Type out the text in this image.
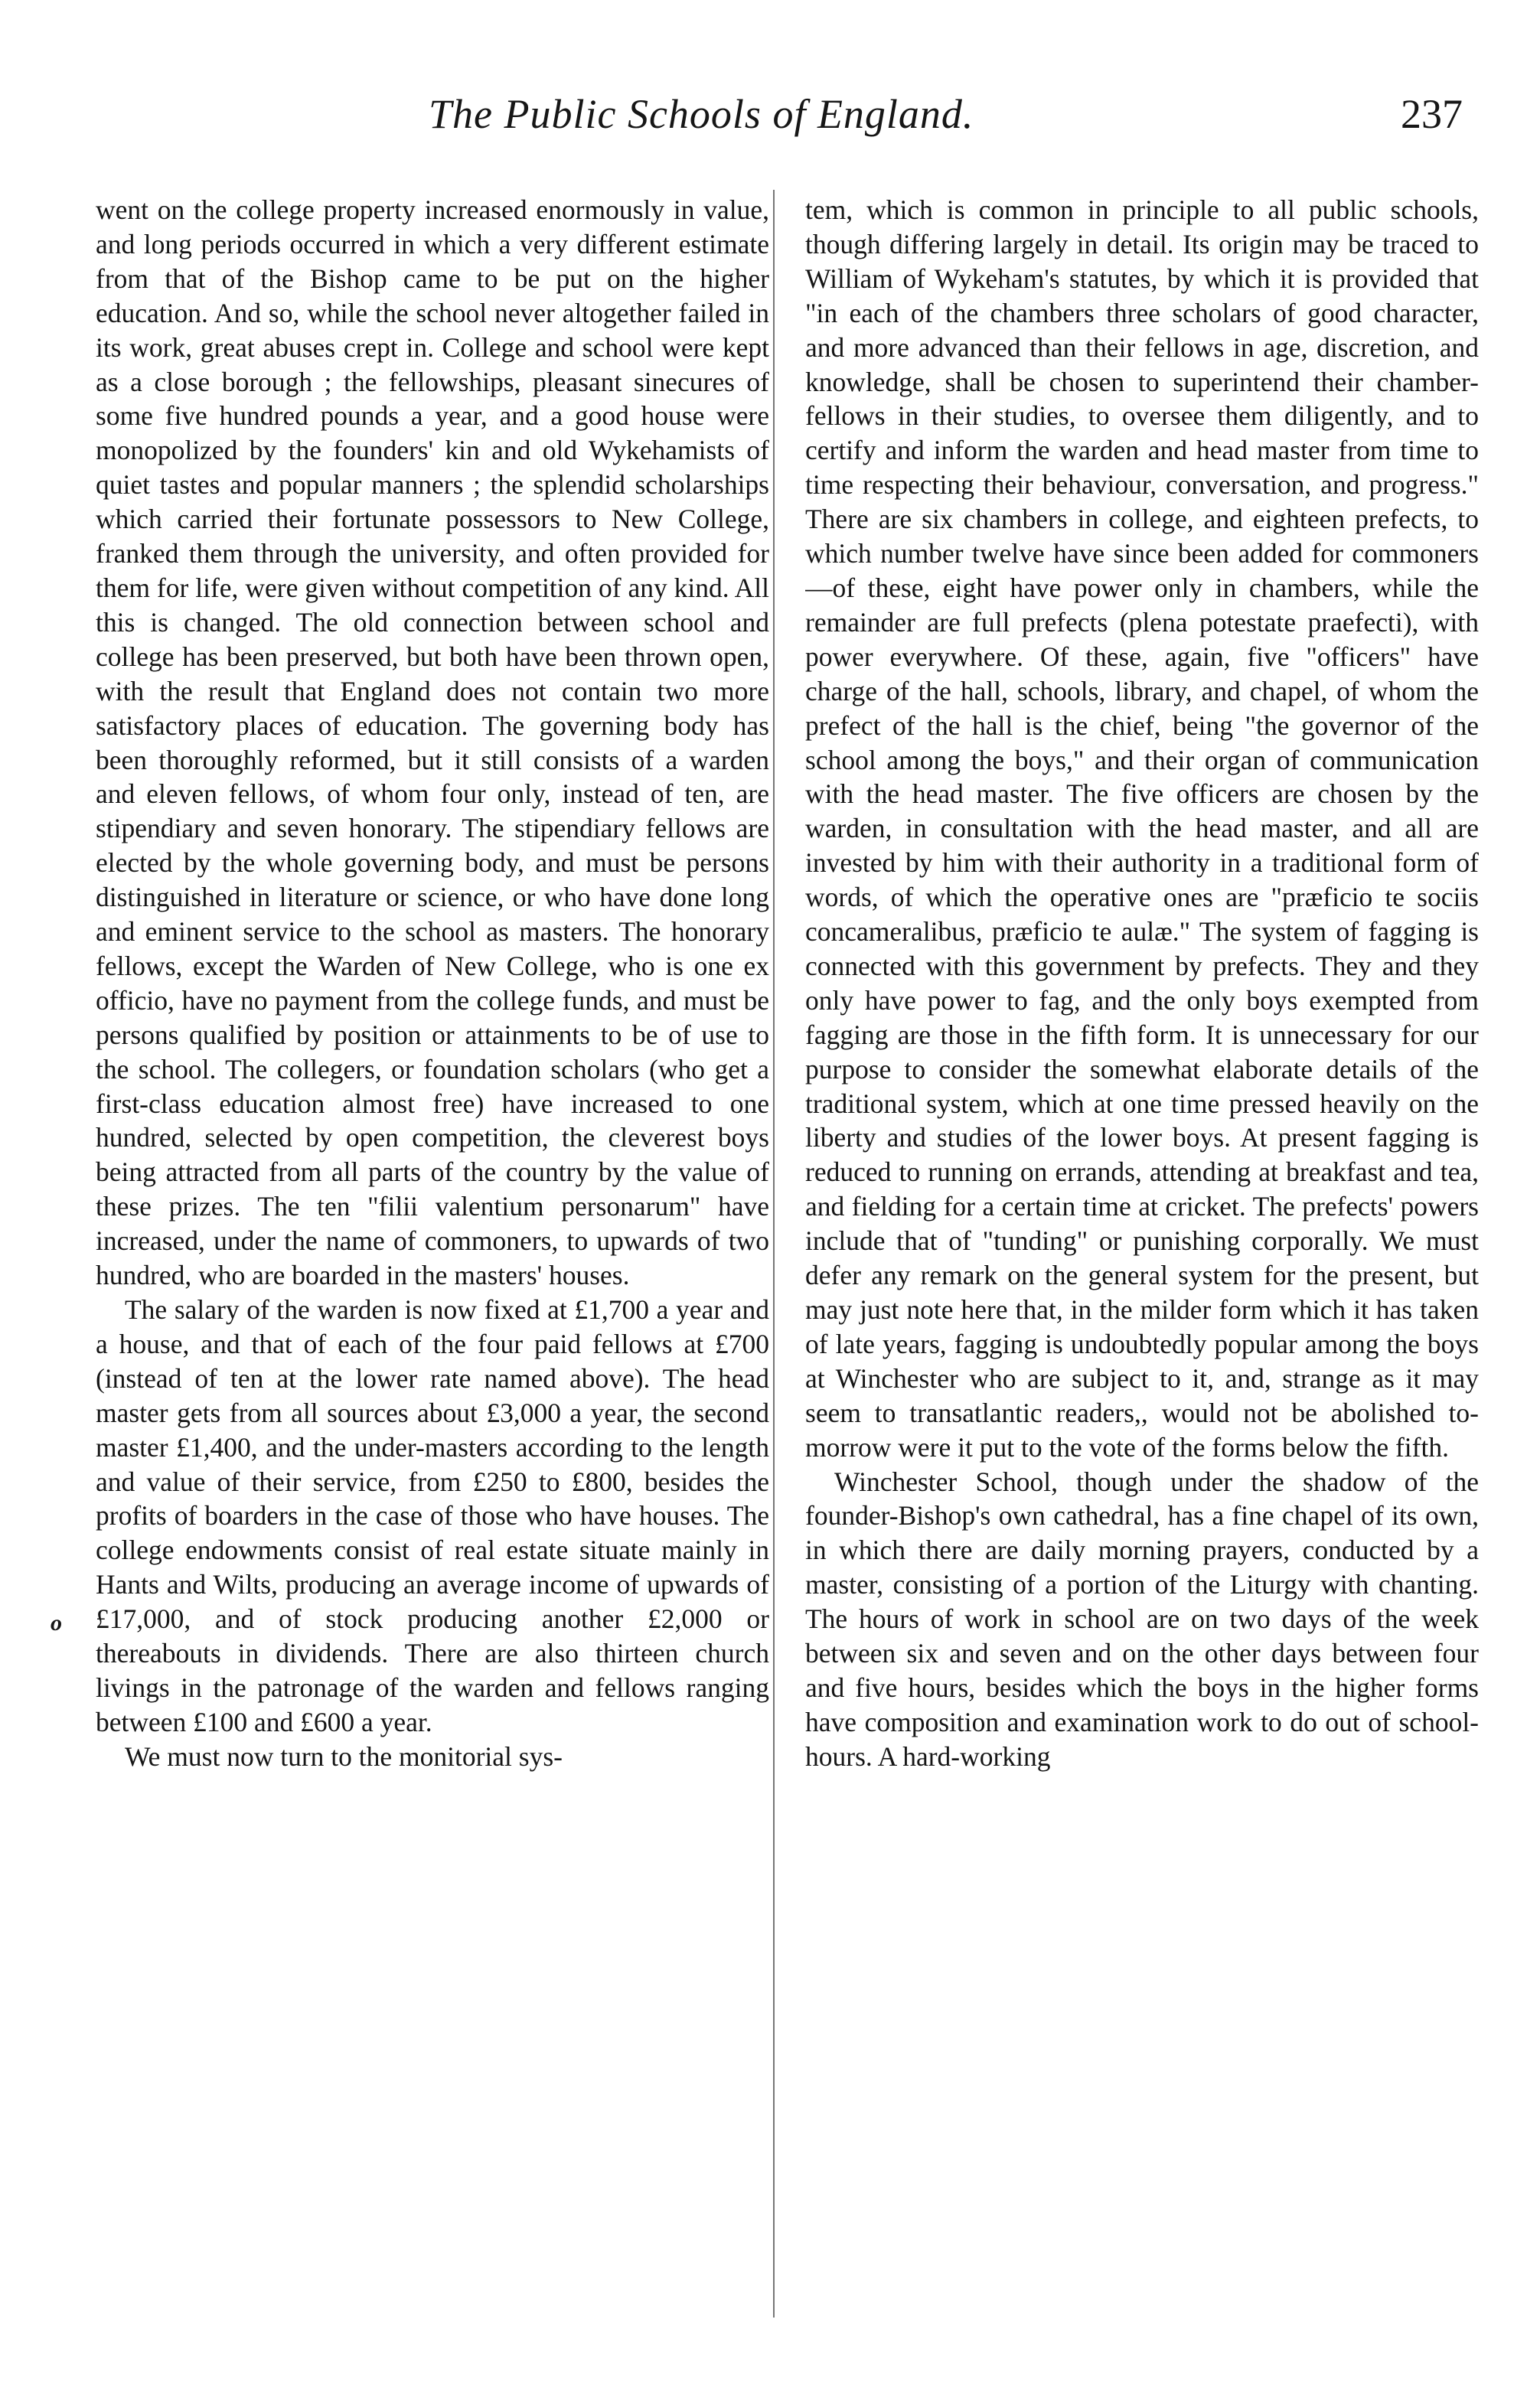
The Public Schools of England.	237
o

went on the college property increased enormously in value, and long periods occurred in which a very different estimate from that of the Bishop came to be put on the higher education. And so, while the school never altogether failed in its work, great abuses crept in. College and school were kept as a close borough ; the fellowships, pleasant sinecures of some five hundred pounds a year, and a good house were monopolized by the founders' kin and old Wykehamists of quiet tastes and popular manners ; the splendid scholarships which carried their fortunate possessors to New College, franked them through the university, and often provided for them for life, were given without competition of any kind. All this is changed. The old connection between school and college has been preserved, but both have been thrown open, with the result that England does not contain two more satisfactory places of education. The governing body has been thoroughly reformed, but it still consists of a warden and eleven fellows, of whom four only, instead of ten, are stipendiary and seven honorary. The stipendiary fellows are elected by the whole governing body, and must be persons distinguished in literature or science, or who have done long and eminent service to the school as masters. The honorary fellows, except the Warden of New College, who is one ex officio, have no payment from the college funds, and must be persons qualified by position or attainments to be of use to the school. The collegers, or foundation scholars (who get a first-class education almost free) have increased to one hundred, selected by open competition, the cleverest boys being attracted from all parts of the country by the value of these prizes. The ten "filii valentium personarum" have increased, under the name of commoners, to upwards of two hundred, who are boarded in the masters' houses.

The salary of the warden is now fixed at £1,700 a year and a house, and that of each of the four paid fellows at £700 (instead of ten at the lower rate named above). The head master gets from all sources about £3,000 a year, the second master £1,400, and the under-masters according to the length and value of their service, from £250 to £800, besides the profits of boarders in the case of those who have houses. The college endowments consist of real estate situate mainly in Hants and Wilts, producing an average income of upwards of £17,000, and of stock producing another £2,000 or thereabouts in dividends. There are also thirteen church livings in the patronage of the warden and fellows ranging between £100 and £600 a year.

We must now turn to the monitorial sys-

tem, which is common in principle to all public schools, though differing largely in detail. Its origin may be traced to William of Wykeham's statutes, by which it is provided that "in each of the chambers three scholars of good character, and more advanced than their fellows in age, discretion, and knowledge, shall be chosen to superintend their chamber-fellows in their studies, to oversee them diligently, and to certify and inform the warden and head master from time to time respecting their behaviour, conversation, and progress." There are six chambers in college, and eighteen prefects, to which number twelve have since been added for commoners—of these, eight have power only in chambers, while the remainder are full prefects (plena potestate praefecti), with power everywhere. Of these, again, five "officers" have charge of the hall, schools, library, and chapel, of whom the prefect of the hall is the chief, being "the governor of the school among the boys," and their organ of communication with the head master. The five officers are chosen by the warden, in consultation with the head master, and all are invested by him with their authority in a traditional form of words, of which the operative ones are "præficio te sociis concameralibus, præficio te aulæ." The system of fagging is connected with this government by prefects. They and they only have power to fag, and the only boys exempted from fagging are those in the fifth form. It is unnecessary for our purpose to consider the somewhat elaborate details of the traditional system, which at one time pressed heavily on the liberty and studies of the lower boys. At present fagging is reduced to running on errands, attending at breakfast and tea, and fielding for a certain time at cricket. The prefects' powers include that of "tunding" or punishing corporally. We must defer any remark on the general system for the present, but may just note here that, in the milder form which it has taken of late years, fagging is undoubtedly popular among the boys at Winchester who are subject to it, and, strange as it may seem to transatlantic readers,, would not be abolished to-morrow were it put to the vote of the forms below the fifth.

Winchester School, though under the shadow of the founder-Bishop's own cathedral, has a fine chapel of its own, in which there are daily morning prayers, conducted by a master, consisting of a portion of the Liturgy with chanting. The hours of work in school are on two days of the week between six and seven and on the other days between four and five hours, besides which the boys in the higher forms have composition and examination work to do out of school-hours. A hard-working
